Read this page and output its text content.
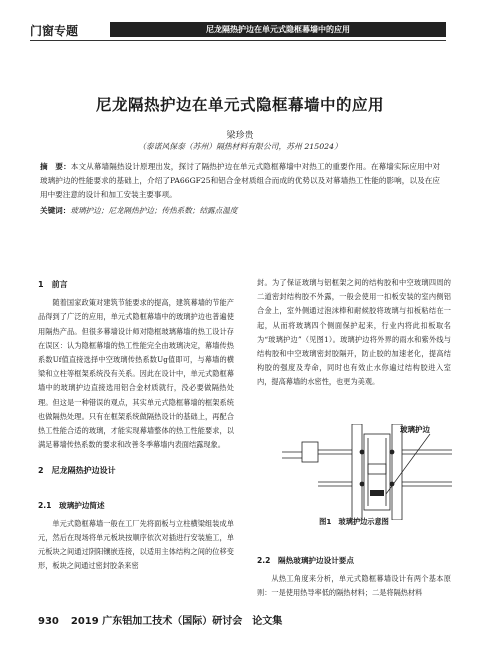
门窗专题	尼龙隔热护边在单元式隐框幕墙中的应用
尼龙隔热护边在单元式隐框幕墙中的应用
梁珍贵
（泰诺风保泰（苏州）隔热材料有限公司，苏州 215024）
摘　要：本文从幕墙隔热设计原理出发，探讨了隔热护边在单元式隐框幕墙中对热工的重要作用。在幕墙实际应用中对玻璃护边的性能要求的基础上，介绍了PA66GF25和铝合金材质组合而成的优势以及对幕墙热工性能的影响，以及在应用中要注意的设计和加工安装主要事项。
关键词：玻璃护边；尼龙隔热护边；传热系数；结露点温度
1　前言

随着国家政策对建筑节能要求的提高，建筑幕墙的节能产品得到了广泛的应用，单元式隐框幕墙中的玻璃护边也普遍使用隔热产品。但很多幕墙设计师对隐框玻璃幕墙的热工设计存在误区：认为隐框幕墙的热工性能完全由玻璃决定，幕墙传热系数Uf值直接选择中空玻璃传热系数Ug值即可，与幕墙的横梁和立柱等框架系统没有关系。因此在设计中，单元式隐框幕墙中的玻璃护边直接选用铝合金材质就行，没必要做隔热处理。但这是一种错误的观点，其实单元式隐框幕墙的框架系统也做隔热处理。只有在框架系统做隔热设计的基础上，再配合热工性能合适的玻璃，才能实现幕墙整体的热工性能要求，以满足幕墙传热系数的要求和改善冬季幕墙内表面结露现象。

2　尼龙隔热护边设计
2.1　玻璃护边简述

单元式隐框幕墙一般在工厂先将面板与立柱横梁组装成单元，然后在现场将单元板块按顺序依次对插进行安装施工，单元板块之间通过阴阳镶嵌连接，以适用主体结构之间的位移变形，板块之间通过密封胶条来密

封。为了保证玻璃与铝框架之间的结构胶和中空玻璃四周的二道密封结构胶不外露，一般会使用一扣板安装的室内侧铝合金上，室外侧通过泡沫棒和耐候胶将玻璃与扣板粘结在一起，从而将玻璃四个侧面保护起来，行业内将此扣板取名为“玻璃护边”（见图1）。玻璃护边将外界的雨水和紫外线与结构胶和中空玻璃密封胶隔开，防止胶的加速老化，提高结构胶的强度及寿命，同时也有效止水你遍过结构胶进入室内，提高幕墙的水密性，也更为美观。

玻璃护边
图1　玻璃护边示意图
2.2　隔热玻璃护边设计要点

从热工角度来分析，单元式隐框幕墙设计有两个基本原则：一是使用热导率低的隔热材料；二是将隔热材料

930 2019 广东铝加工技术（国际）研讨会　论文集
